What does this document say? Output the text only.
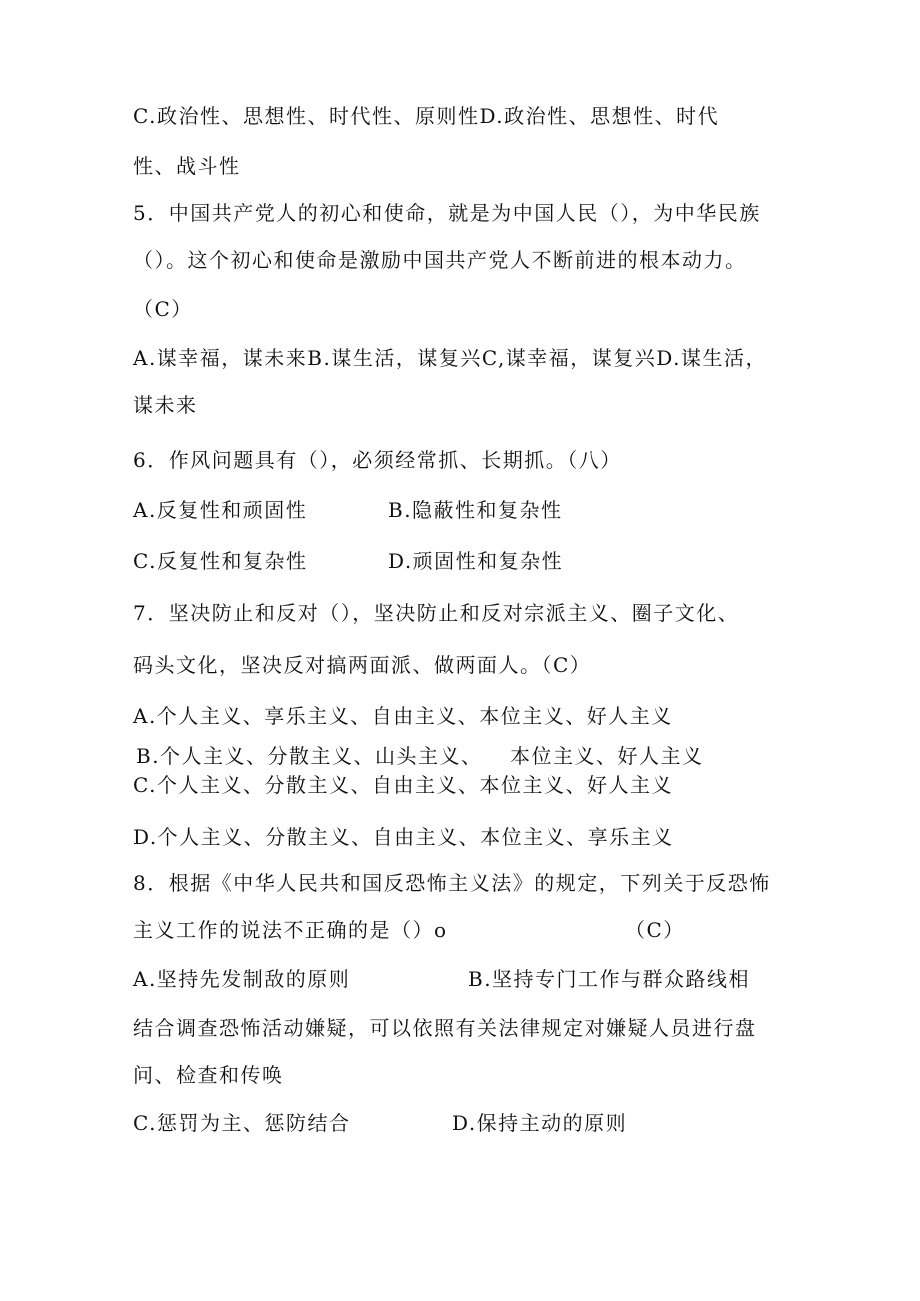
C.政治性、思想性、时代性、原则性D.政治性、思想性、时代
性、战斗性
5．中国共产党人的初心和使命，就是为中国人民（），为中华民族
（）。这个初心和使命是激励中国共产党人不断前进的根本动力。
（C）
A.谋幸福，谋未来B.谋生活，谋复兴C,谋幸福，谋复兴D.谋生活，
谋未来
6．作风问题具有（），必须经常抓、长期抓。（八）
A.反复性和顽固性	B.隐蔽性和复杂性
C.反复性和复杂性	D.顽固性和复杂性
7．坚决防止和反对（），坚决防止和反对宗派主义、圈子文化、
码头文化，坚决反对搞两面派、做两面人。（C）
A.个人主义、享乐主义、自由主义、本位主义、好人主义
B.个人主义、分散主义、山头主义、 本位主义、好人主义
C.个人主义、分散主义、自由主义、本位主义、好人主义
D.个人主义、分散主义、自由主义、本位主义、享乐主义
8．根据《中华人民共和国反恐怖主义法》的规定，下列关于反恐怖
主义工作的说法不正确的是（）o	（C）
A.坚持先发制敌的原则	B.坚持专门工作与群众路线相
结合调查恐怖活动嫌疑，可以依照有关法律规定对嫌疑人员进行盘
问、检查和传唤
C.惩罚为主、惩防结合	D.保持主动的原则
